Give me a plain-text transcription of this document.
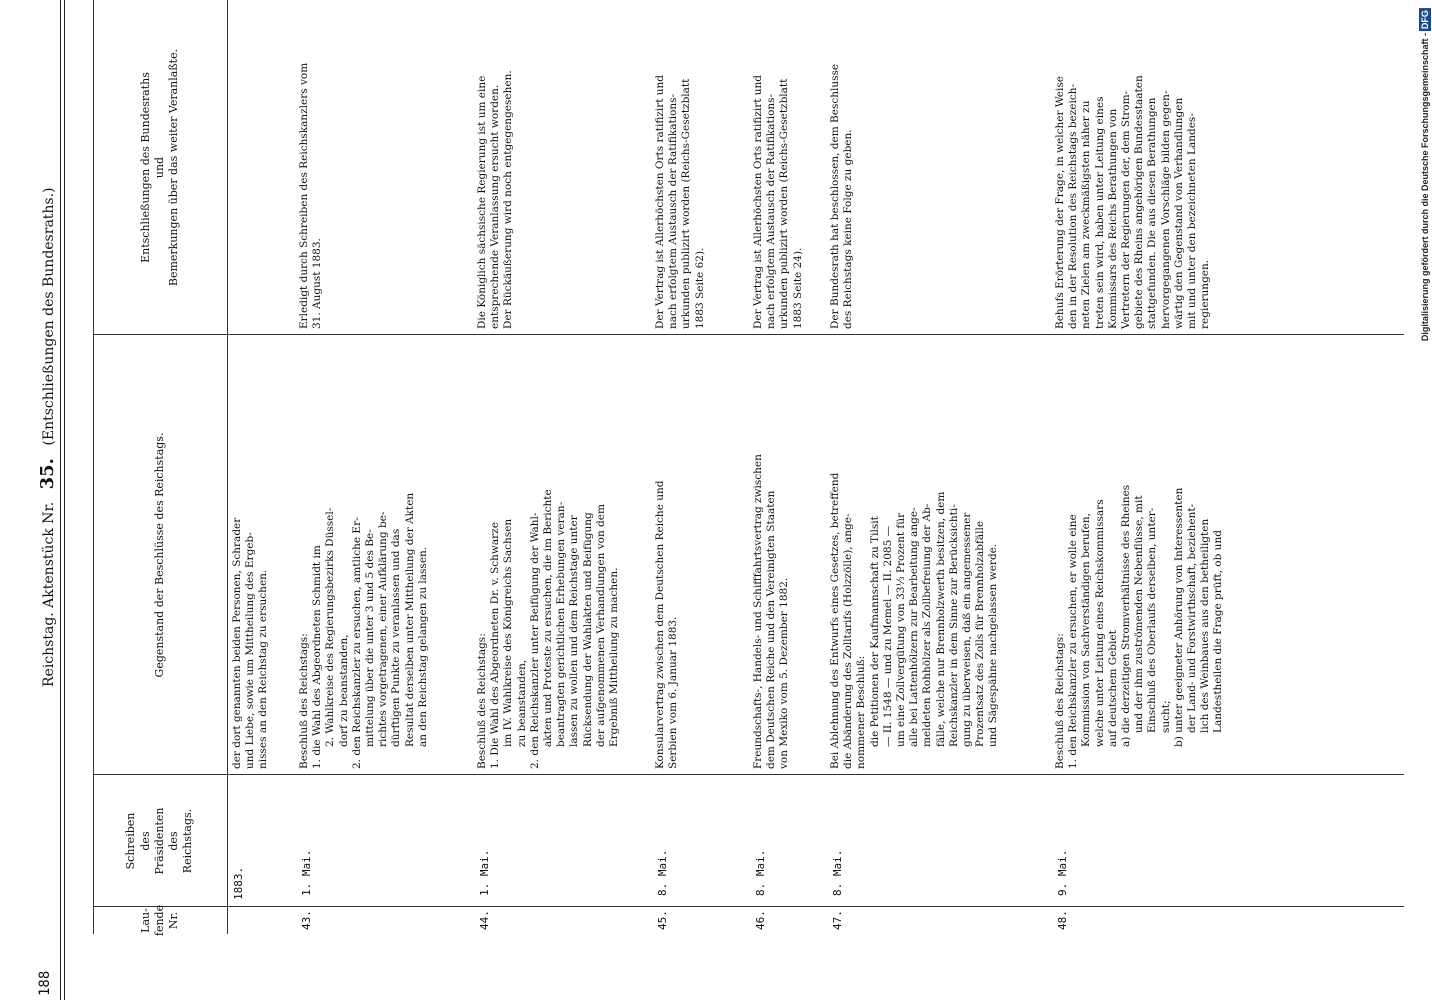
188
Reichstag. Aktenstück Nr. 35. (Entschließungen des Bundesraths.)
Lau-
fende
Nr.
Schreiben
des
Präsidenten
des
Reichstags.
Gegenstand der Beschlüsse des Reichstags.
Entschließungen des Bundesraths
und
Bemerkungen über das weiter Veranlaßte.
1883.
der dort genannten beiden Personen, Schrader und Liebe, sowie um Mittheilung des Ergeb- nisses an den Reichstag zu ersuchen.
43.
1. Mai.
Beschluß des Reichstags: 1. die Wahl des Abgeordneten Schmidt im 2. Wahlkreise des Regierungsbezirks Düssel- dorf zu beanstanden, 2. den Reichskanzler zu ersuchen, amtliche Er- mittelung über die unter 3 und 5 des Be- richtes vorgetragenen, einer Aufklärung be- dürftigen Punkte zu veranlassen und das Resultat derselben unter Mittheilung der Akten an den Reichstag gelangen zu lassen.
Erledigt durch Schreiben des Reichskanzlers vom 31. August 1883.
44.
1. Mai.
Beschluß des Reichstags: 1. Die Wahl des Abgeordneten Dr. v. Schwarze im IV. Wahlkreise des Königreichs Sachsen zu beanstanden, 2. den Reichskanzler unter Beifügung der Wahl- akten und Proteste zu ersuchen, die im Berichte beantragten gerichtlichen Erhebungen veran- lassen zu wollen und dem Reichstage unter Rücksendung der Wahlakten und Beifügung der aufgenommenen Verhandlungen von dem Ergebniß Mittheilung zu machen.
Die Königlich sächsische Regierung ist um eine entsprechende Veranlassung ersucht worden. Der Rückäußerung wird noch entgegengesehen.
45.
8. Mai.
Konsularvertrag zwischen dem Deutschen Reiche und Serbien vom 6. Januar 1883.
Der Vertrag ist Allerhöchsten Orts ratifizirt und nach erfolgtem Austausch der Ratifikations- urkunden publizirt worden (Reichs-Gesetzblatt 1883 Seite 62).
46.
8. Mai.
Freundschafts-, Handels- und Schifffahrtsvertrag zwischen dem Deutschen Reiche und den Vereinigten Staaten von Mexiko vom 5. Dezember 1882.
Der Vertrag ist Allerhöchsten Orts ratifizirt und nach erfolgtem Austausch der Ratifikations- urkunden publizirt worden (Reichs-Gesetzblatt 1883 Seite 24).
47.
8. Mai.
Bei Ablehnung des Entwurfs eines Gesetzes, betreffend die Abänderung des Zolltarifs (Holzzölle), ange- nommener Beschluß: die Petitionen der Kaufmannschaft zu Tilsit — II. 1548 — und zu Memel — II. 2085 — um eine Zollvergütung von 33⅓ Prozent für alle bei Lattenhölzern zur Bearbeitung ange- meldeten Rohhölzer als Zollbefreiung der Ab- fälle, welche nur Brennholzwerth besitzen, dem Reichskanzler in dem Sinne zur Berücksichti- gung zu überweisen, daß ein angemessener Prozentsatz des Zolls für Brennholzabfälle und Sägespähne nachgelassen werde.
Der Bundesrath hat beschlossen, dem Beschlusse des Reichstags keine Folge zu geben.
48.
9. Mai.
Beschluß des Reichstags: 1. den Reichskanzler zu ersuchen, er wolle eine Kommission von Sachverständigen berufen, welche unter Leitung eines Reichskommissars auf deutschem Gebiet a) die derzeitigen Stromverhältnisse des Rheines und der ihm zuströmenden Nebenflüsse, mit Einschluß des Oberlaufs derselben, unter- sucht; b) unter geeigneter Anhörung von Interessenten der Land- und Forstwirthschaft, beziehent- lich des Weinbaues aus den betheiligten Landestheilen die Frage prüft, ob und
Behufs Erörterung der Frage, in welcher Weise den in der Resolution des Reichstags bezeich- neten Zielen am zweckmäßigsten näher zu treten sein wird, haben unter Leitung eines Kommissars des Reichs Berathungen von Vertretern der Regierungen der, dem Strom- gebiete des Rheins angehörigen Bundesstaaten stattgefunden. Die aus diesen Berathungen hervorgegangenen Vorschläge bilden gegen- wärtig den Gegenstand von Verhandlungen mit und unter den bezeichneten Landes- regierungen.	Digitalisierung gefördert durch die Deutsche Forschungsgemeinschaft -DFG
